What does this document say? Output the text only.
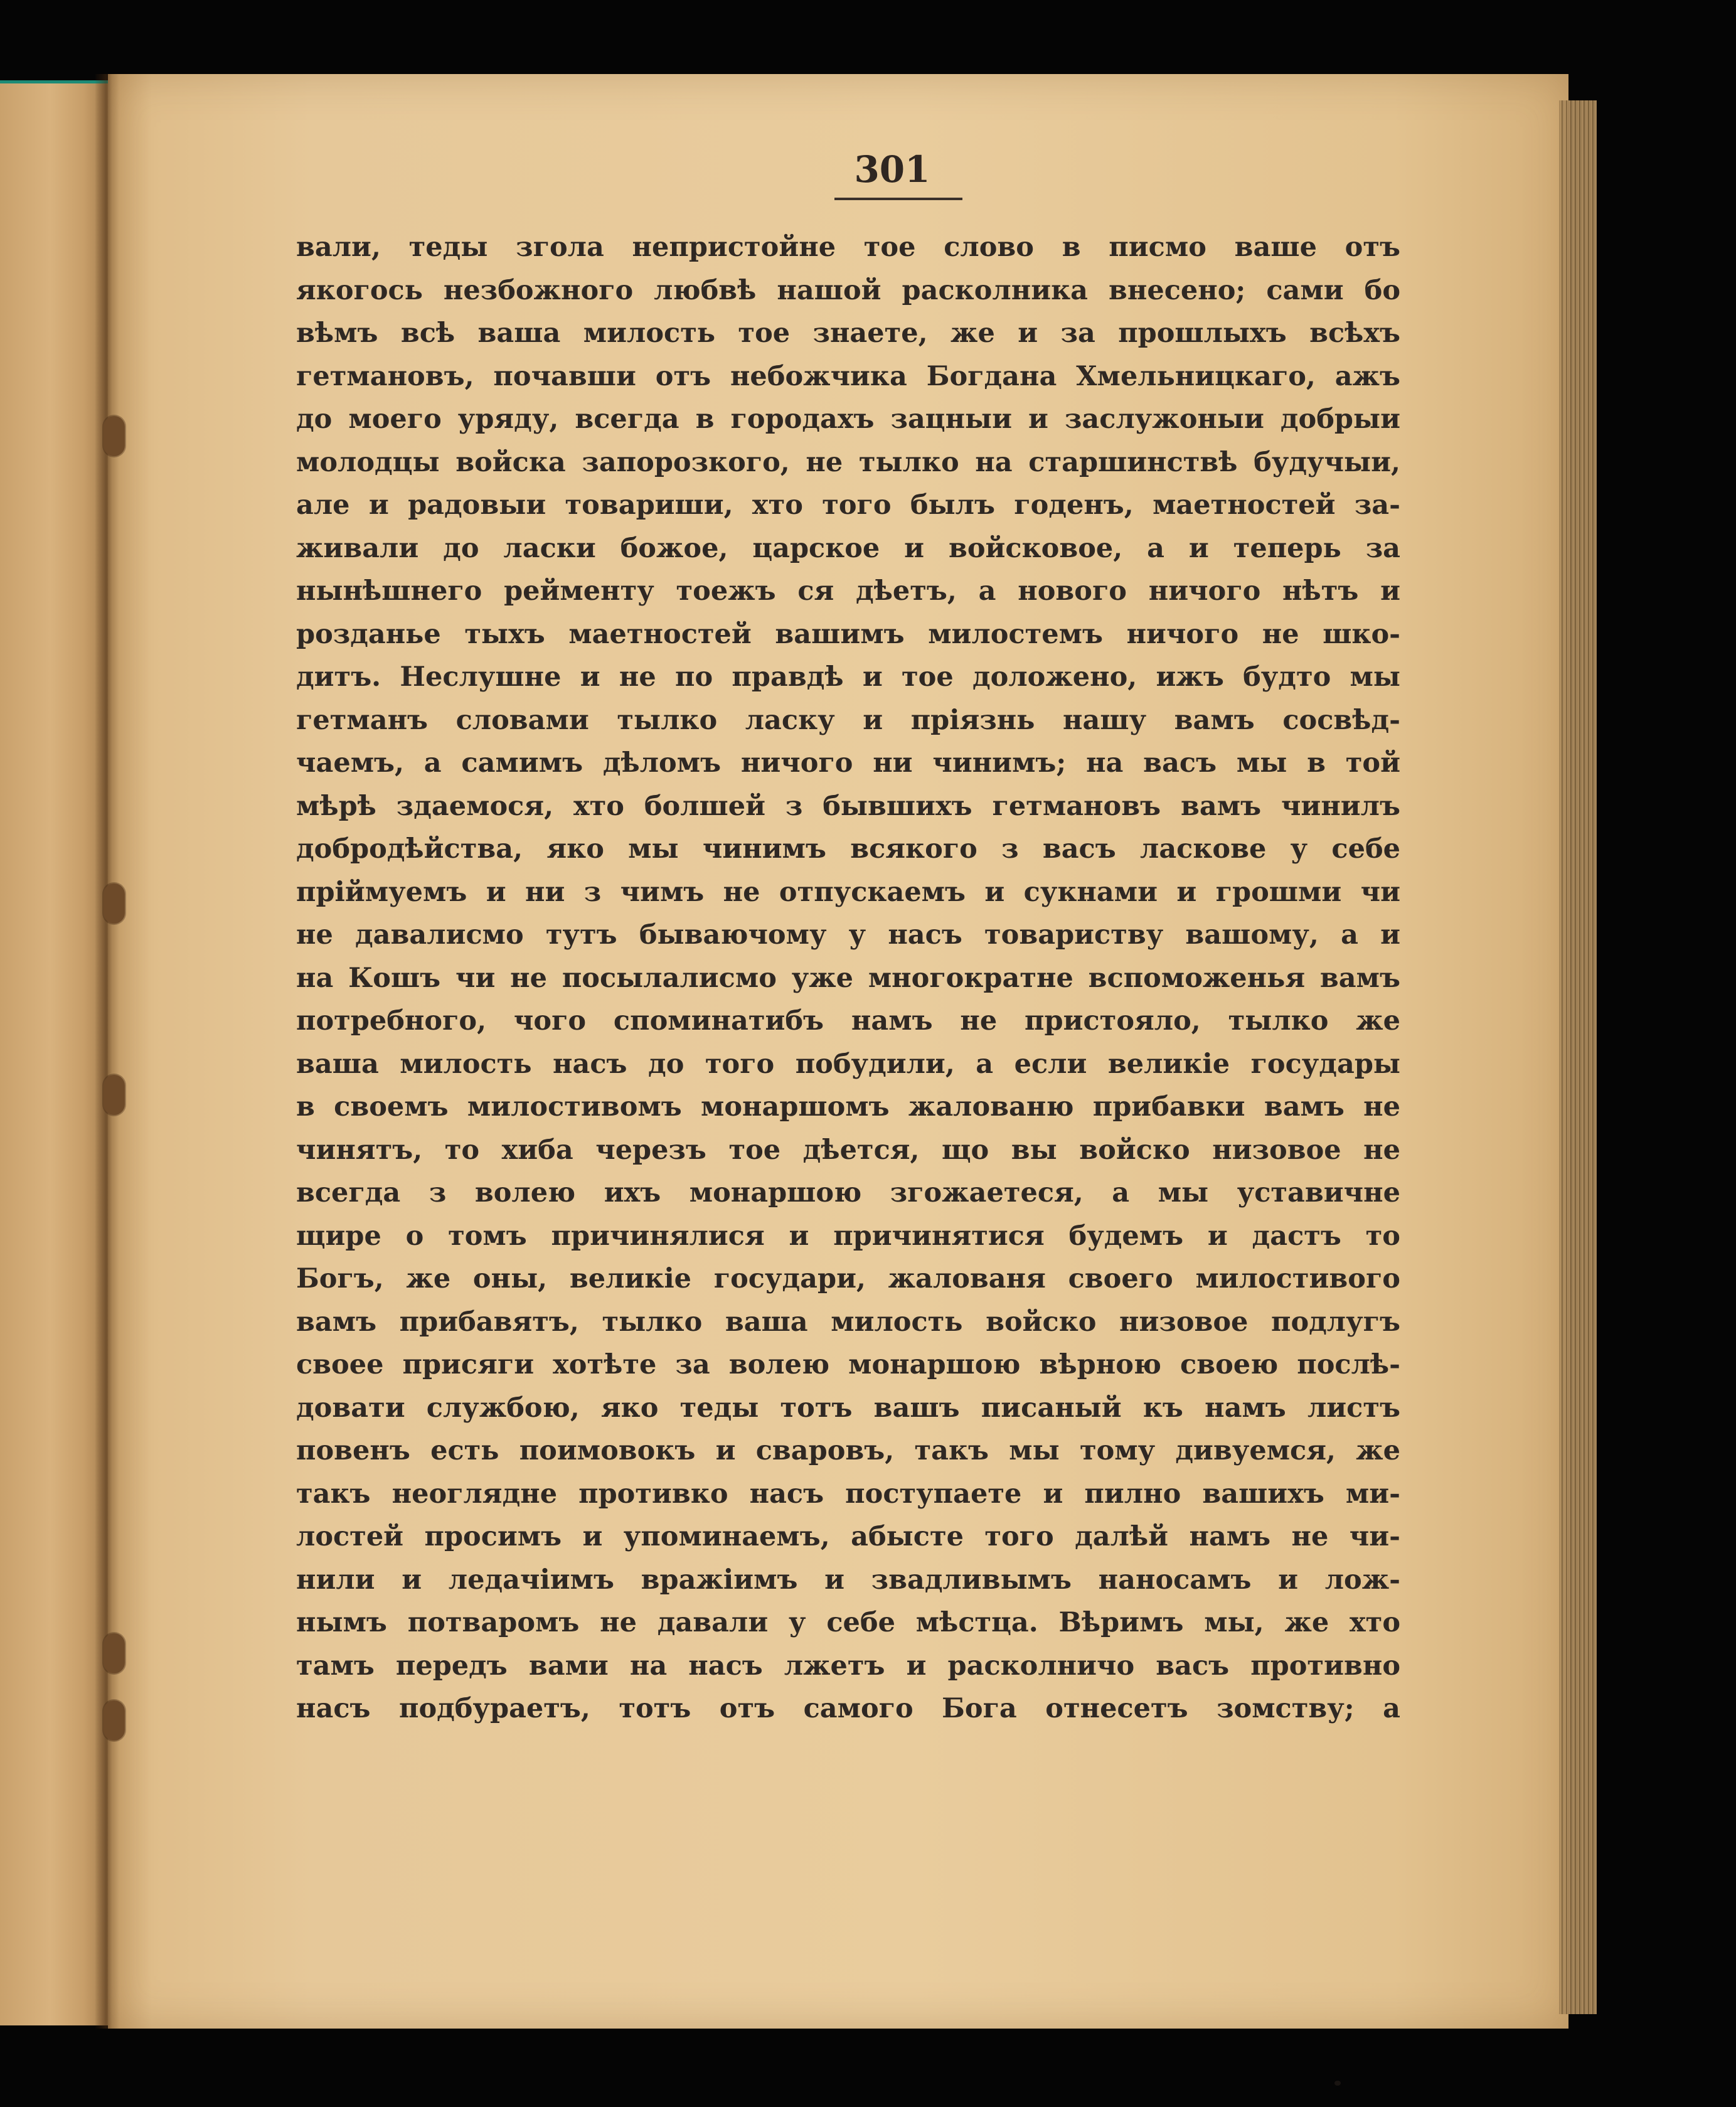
301
вали, теды згола непристойне тое слово в писмо ваше отъ
якогось незбожного любвѣ нашой расколника внесено; сами бо
вѣмъ всѣ ваша милость тое знаете, же и за прошлыхъ всѣхъ
гетмановъ, почавши отъ небожчика Богдана Хмельницкаго, ажъ
до моего уряду, всегда в городахъ зацныи и заслужоныи добрыи
молодцы войска запорозкого, не тылко на старшинствѣ будучыи,
але и радовыи товариши, хто того былъ годенъ, маетностей за-
живали до ласки божое, царское и войсковое, а и теперь за
нынѣшнего рейменту тоежъ ся дѣетъ, а нового ничого нѣтъ и
розданье тыхъ маетностей вашимъ милостемъ ничого не шко-
дитъ. Неслушне и не по правдѣ и тое доложено, ижъ будто мы
гетманъ словами тылко ласку и пріязнь нашу вамъ сосвѣд-
чаемъ, а самимъ дѣломъ ничого ни чинимъ; на васъ мы в той
мѣрѣ здаемося, хто болшей з бывшихъ гетмановъ вамъ чинилъ
добродѣйства, яко мы чинимъ всякого з васъ ласкове у себе
пріймуемъ и ни з чимъ не отпускаемъ и сукнами и грошми чи
не давалисмо тутъ бываючому у насъ товариству вашому, а и
на Кошъ чи не посылалисмо уже многократне вспоможенья вамъ
потребного, чого споминатибъ намъ не пристояло, тылко же
ваша милость насъ до того побудили, а если великіе государы
в своемъ милостивомъ монаршомъ жалованю прибавки вамъ не
чинятъ, то хиба черезъ тое дѣется, що вы войско низовое не
всегда з волею ихъ монаршою згожаетеся, а мы уставичне
щире о томъ причинялися и причинятися будемъ и дастъ то
Богъ, же оны, великіе государи, жалованя своего милостивого
вамъ прибавятъ, тылко ваша милость войско низовое подлугъ
своее присяги хотѣте за волею монаршою вѣрною своею послѣ-
довати службою, яко теды тотъ вашъ писаный къ намъ листъ
повенъ есть поимовокъ и сваровъ, такъ мы тому дивуемся, же
такъ неоглядне противко насъ поступаете и пилно вашихъ ми-
лостей просимъ и упоминаемъ, абысте того далѣй намъ не чи-
нили и ледачіимъ вражіимъ и звадливымъ наносамъ и лож-
нымъ потваромъ не давали у себе мѣстца. Вѣримъ мы, же хто
тамъ передъ вами на насъ лжетъ и расколничо васъ противно
насъ подбураетъ, тотъ отъ самого Бога отнесетъ зомству; а
